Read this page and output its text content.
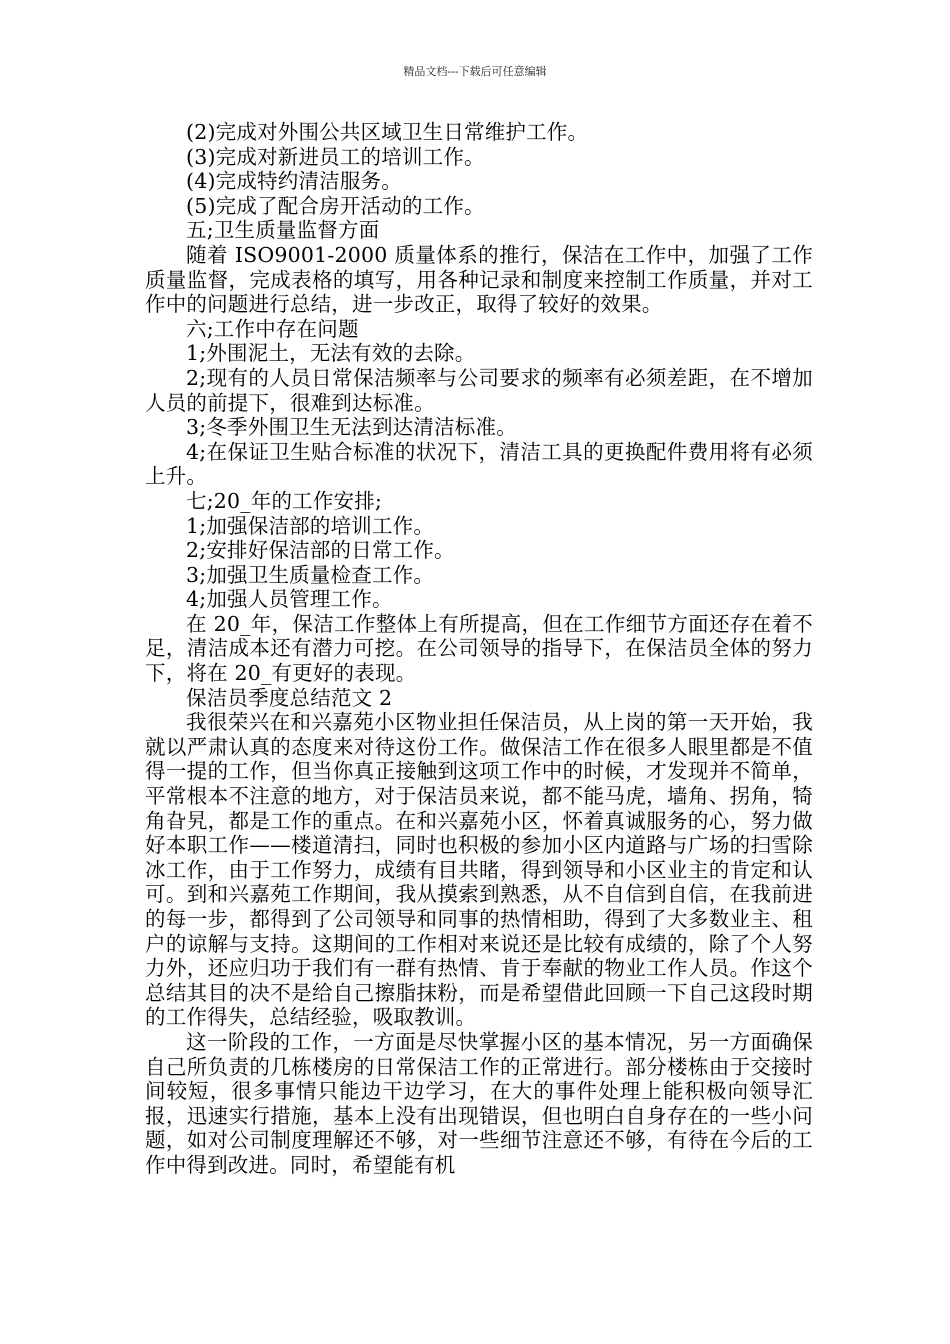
精品文档---下载后可任意编辑

(2)完成对外围公共区域卫生日常维护工作。

(3)完成对新进员工的培训工作。

(4)完成特约清洁服务。

(5)完成了配合房开活动的工作。

五;卫生质量监督方面

随着 ISO9001-2000 质量体系的推行，保洁在工作中，加强了工作质量监督，完成表格的填写，用各种记录和制度来控制工作质量，并对工作中的问题进行总结，进一步改正，取得了较好的效果。

六;工作中存在问题

1;外围泥土，无法有效的去除。

2;现有的人员日常保洁频率与公司要求的频率有必须差距，在不增加人员的前提下，很难到达标准。

3;冬季外围卫生无法到达清洁标准。

4;在保证卫生贴合标准的状况下，清洁工具的更换配件费用将有必须上升。

七;20_年的工作安排;

1;加强保洁部的培训工作。

2;安排好保洁部的日常工作。

3;加强卫生质量检查工作。

4;加强人员管理工作。

在 20_年，保洁工作整体上有所提高，但在工作细节方面还存在着不足，清洁成本还有潜力可挖。在公司领导的指导下，在保洁员全体的努力下，将在 20_有更好的表现。

保洁员季度总结范文 2

我很荣兴在和兴嘉苑小区物业担任保洁员，从上岗的第一天开始，我就以严肃认真的态度来对待这份工作。做保洁工作在很多人眼里都是不值得一提的工作，但当你真正接触到这项工作中的时候，才发现并不简单，平常根本不注意的地方，对于保洁员来说，都不能马虎，墙角、拐角，犄角旮旯，都是工作的重点。在和兴嘉苑小区，怀着真诚服务的心，努力做好本职工作——楼道清扫，同时也积极的参加小区内道路与广场的扫雪除冰工作，由于工作努力，成绩有目共睹，得到领导和小区业主的肯定和认可。到和兴嘉苑工作期间，我从摸索到熟悉，从不自信到自信，在我前进的每一步，都得到了公司领导和同事的热情相助，得到了大多数业主、租户的谅解与支持。这期间的工作相对来说还是比较有成绩的，除了个人努力外，还应归功于我们有一群有热情、肯于奉献的物业工作人员。作这个总结其目的决不是给自己擦脂抹粉，而是希望借此回顾一下自己这段时期的工作得失，总结经验，吸取教训。

这一阶段的工作，一方面是尽快掌握小区的基本情况，另一方面确保自己所负责的几栋楼房的日常保洁工作的正常进行。部分楼栋由于交接时间较短，很多事情只能边干边学习，在大的事件处理上能积极向领导汇报，迅速实行措施，基本上没有出现错误，但也明白自身存在的一些小问题，如对公司制度理解还不够，对一些细节注意还不够，有待在今后的工作中得到改进。同时，希望能有机
